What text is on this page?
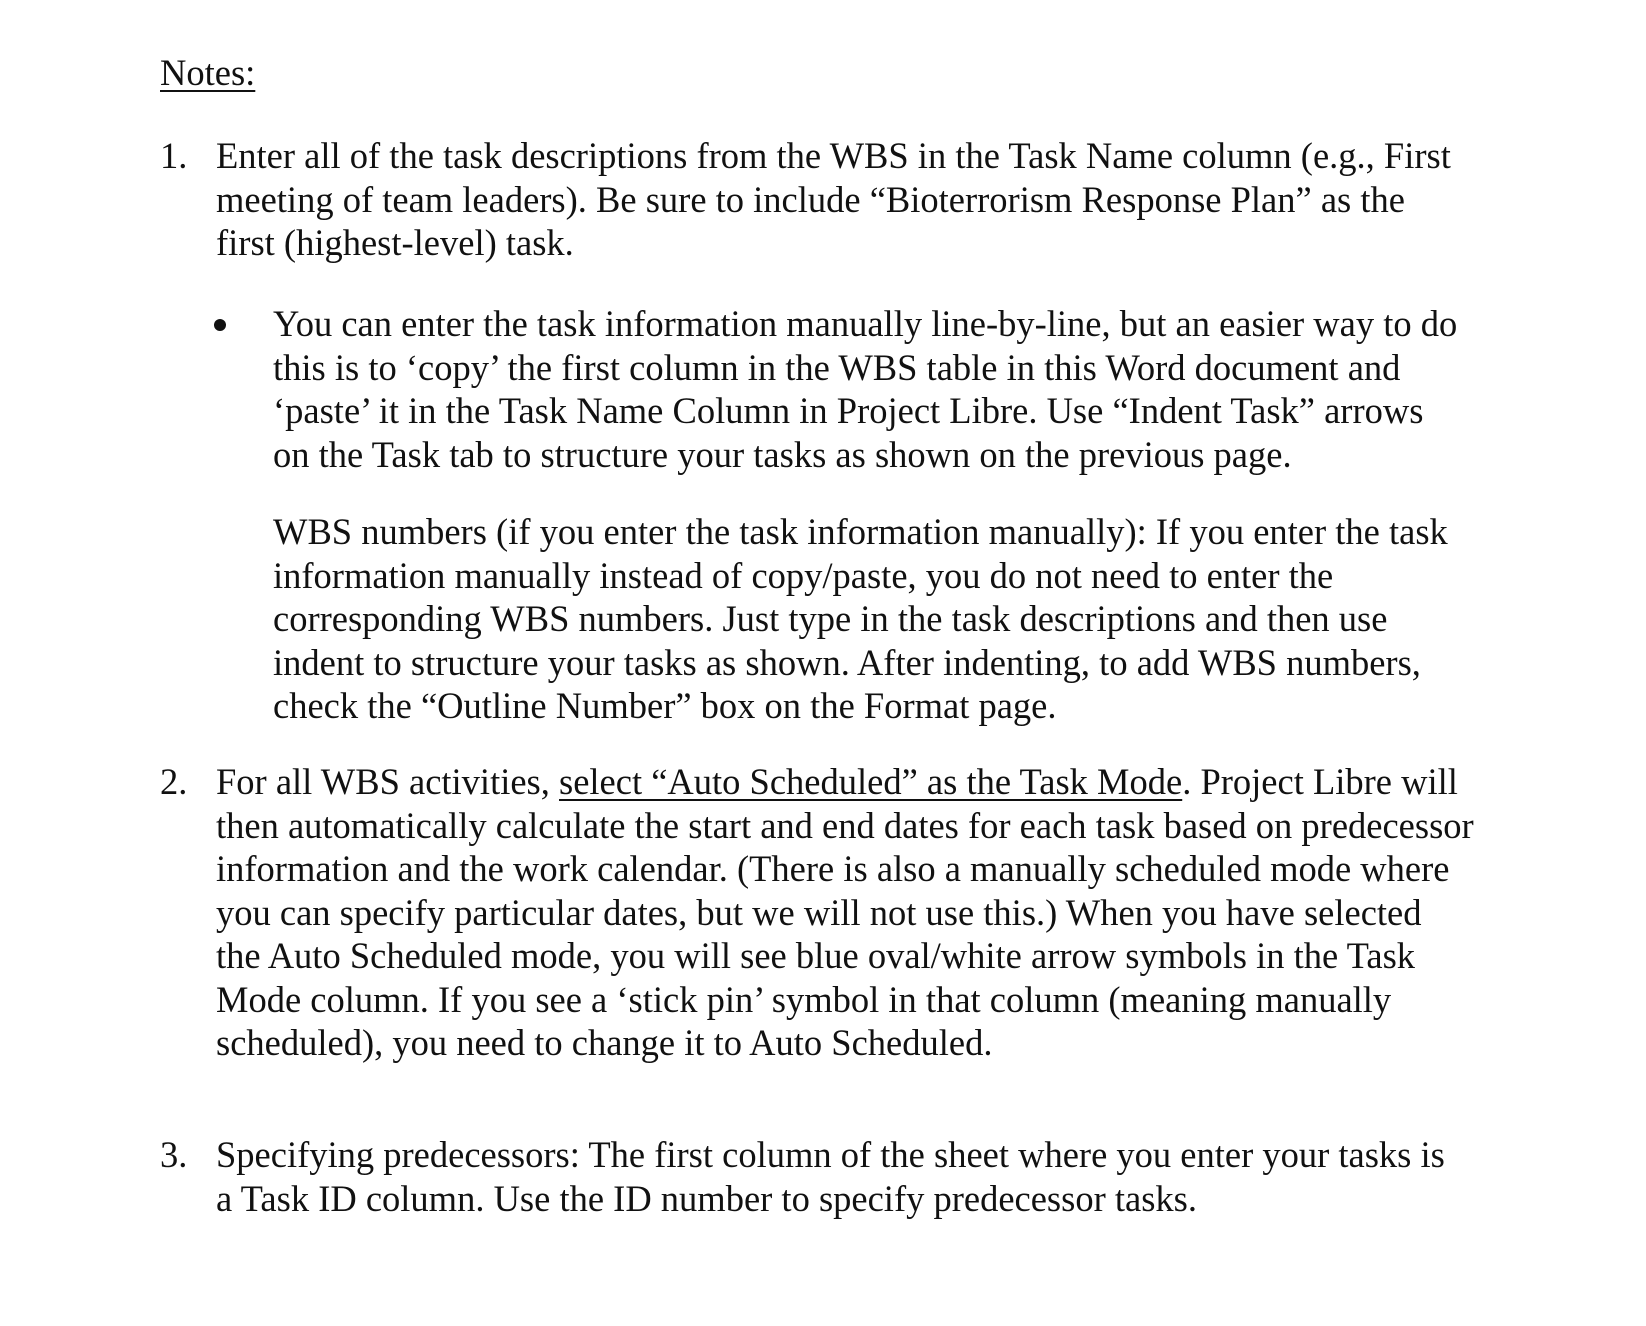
Notes:
1. Enter all of the task descriptions from the WBS in the Task Name column (e.g., First
meeting of team leaders). Be sure to include “Bioterrorism Response Plan” as the
first (highest-level) task.
You can enter the task information manually line-by-line, but an easier way to do
this is to ‘copy’ the first column in the WBS table in this Word document and
‘paste’ it in the Task Name Column in Project Libre. Use “Indent Task” arrows
on the Task tab to structure your tasks as shown on the previous page.
WBS numbers (if you enter the task information manually): If you enter the task
information manually instead of copy/paste, you do not need to enter the
corresponding WBS numbers. Just type in the task descriptions and then use
indent to structure your tasks as shown. After indenting, to add WBS numbers,
check the “Outline Number” box on the Format page.
2. For all WBS activities, select “Auto Scheduled” as the Task Mode. Project Libre will
then automatically calculate the start and end dates for each task based on predecessor
information and the work calendar. (There is also a manually scheduled mode where
you can specify particular dates, but we will not use this.) When you have selected
the Auto Scheduled mode, you will see blue oval/white arrow symbols in the Task
Mode column. If you see a ‘stick pin’ symbol in that column (meaning manually
scheduled), you need to change it to Auto Scheduled.
3. Specifying predecessors: The first column of the sheet where you enter your tasks is
a Task ID column. Use the ID number to specify predecessor tasks.
